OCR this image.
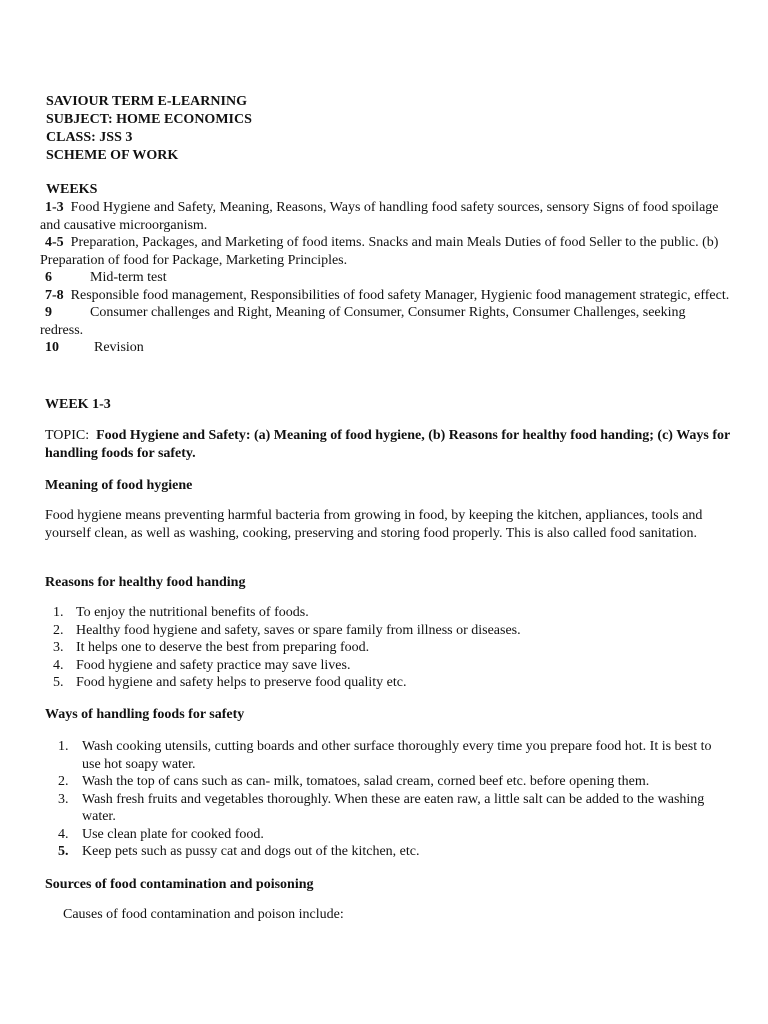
SAVIOUR TERM E-LEARNING
SUBJECT: HOME ECONOMICS
CLASS: JSS 3
SCHEME OF WORK
WEEKS
1-3 Food Hygiene and Safety, Meaning, Reasons, Ways of handling food safety sources, sensory Signs of food spoilage and causative microorganism.
4-5 Preparation, Packages, and Marketing of food items. Snacks and main Meals Duties of food Seller to the public. (b) Preparation of food for Package, Marketing Principles.
6	Mid-term test
7-8 Responsible food management, Responsibilities of food safety Manager, Hygienic food management strategic, effect.
9	Consumer challenges and Right, Meaning of Consumer, Consumer Rights, Consumer Challenges, seeking redress.
10	Revision
WEEK 1-3
TOPIC: Food Hygiene and Safety: (a) Meaning of food hygiene, (b) Reasons for healthy food handing; (c) Ways for handling foods for safety.
Meaning of food hygiene
Food hygiene means preventing harmful bacteria from growing in food, by keeping the kitchen, appliances, tools and yourself clean, as well as washing, cooking, preserving and storing food properly. This is also called food sanitation.
Reasons for healthy food handing
1. To enjoy the nutritional benefits of foods.
2. Healthy food hygiene and safety, saves or spare family from illness or diseases.
3. It helps one to deserve the best from preparing food.
4. Food hygiene and safety practice may save lives.
5. Food hygiene and safety helps to preserve food quality etc.
Ways of handling foods for safety
1. Wash cooking utensils, cutting boards and other surface thoroughly every time you prepare food hot. It is best to use hot soapy water.
2. Wash the top of cans such as can- milk, tomatoes, salad cream, corned beef etc. before opening them.
3. Wash fresh fruits and vegetables thoroughly. When these are eaten raw, a little salt can be added to the washing water.
4. Use clean plate for cooked food.
5. Keep pets such as pussy cat and dogs out of the kitchen, etc.
Sources of food contamination and poisoning
Causes of food contamination and poison include:
